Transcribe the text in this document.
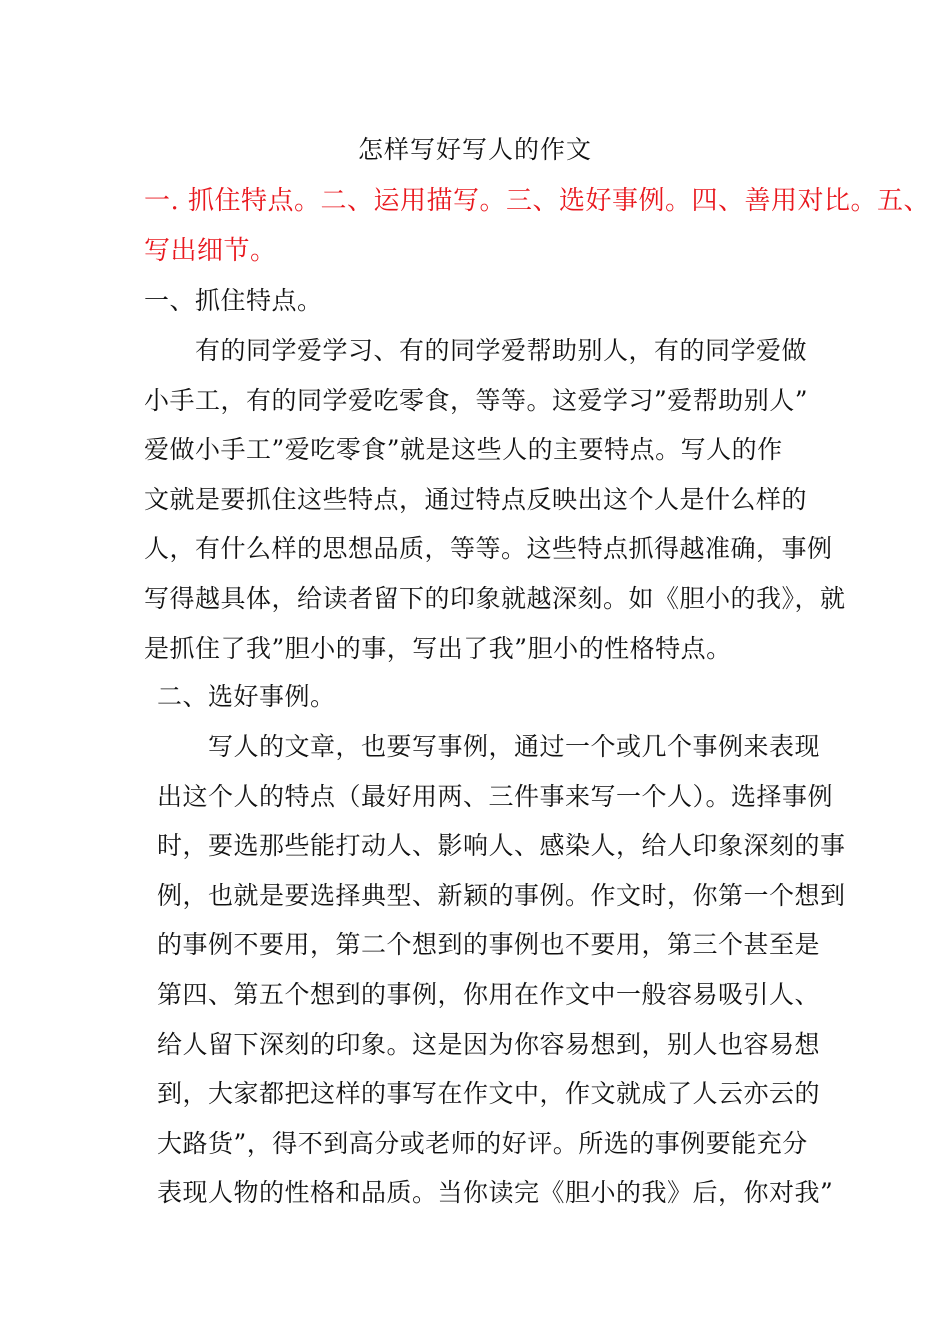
怎样写好写人的作文
一. 抓住特点。二、运用描写。三、选好事例。四、善用对比。五、
写出细节。
一、抓住特点。
　　有的同学爱学习、有的同学爱帮助别人，有的同学爱做
小手工，有的同学爱吃零食，等等。这爱学习”爱帮助别人”
爱做小手工”爱吃零食”就是这些人的主要特点。写人的作
文就是要抓住这些特点，通过特点反映出这个人是什么样的
人，有什么样的思想品质，等等。这些特点抓得越准确，事例
写得越具体，给读者留下的印象就越深刻。如《胆小的我》，就
是抓住了我”胆小的事，写出了我”胆小的性格特点。
二、选好事例。
　　写人的文章，也要写事例，通过一个或几个事例来表现
出这个人的特点（最好用两、三件事来写一个人）。选择事例
时，要选那些能打动人、影响人、感染人，给人印象深刻的事
例，也就是要选择典型、新颖的事例。作文时，你第一个想到
的事例不要用，第二个想到的事例也不要用，第三个甚至是
第四、第五个想到的事例，你用在作文中一般容易吸引人、
给人留下深刻的印象。这是因为你容易想到，别人也容易想
到，大家都把这样的事写在作文中，作文就成了人云亦云的
大路货”，得不到高分或老师的好评。所选的事例要能充分
表现人物的性格和品质。当你读完《胆小的我》后，你对我”
